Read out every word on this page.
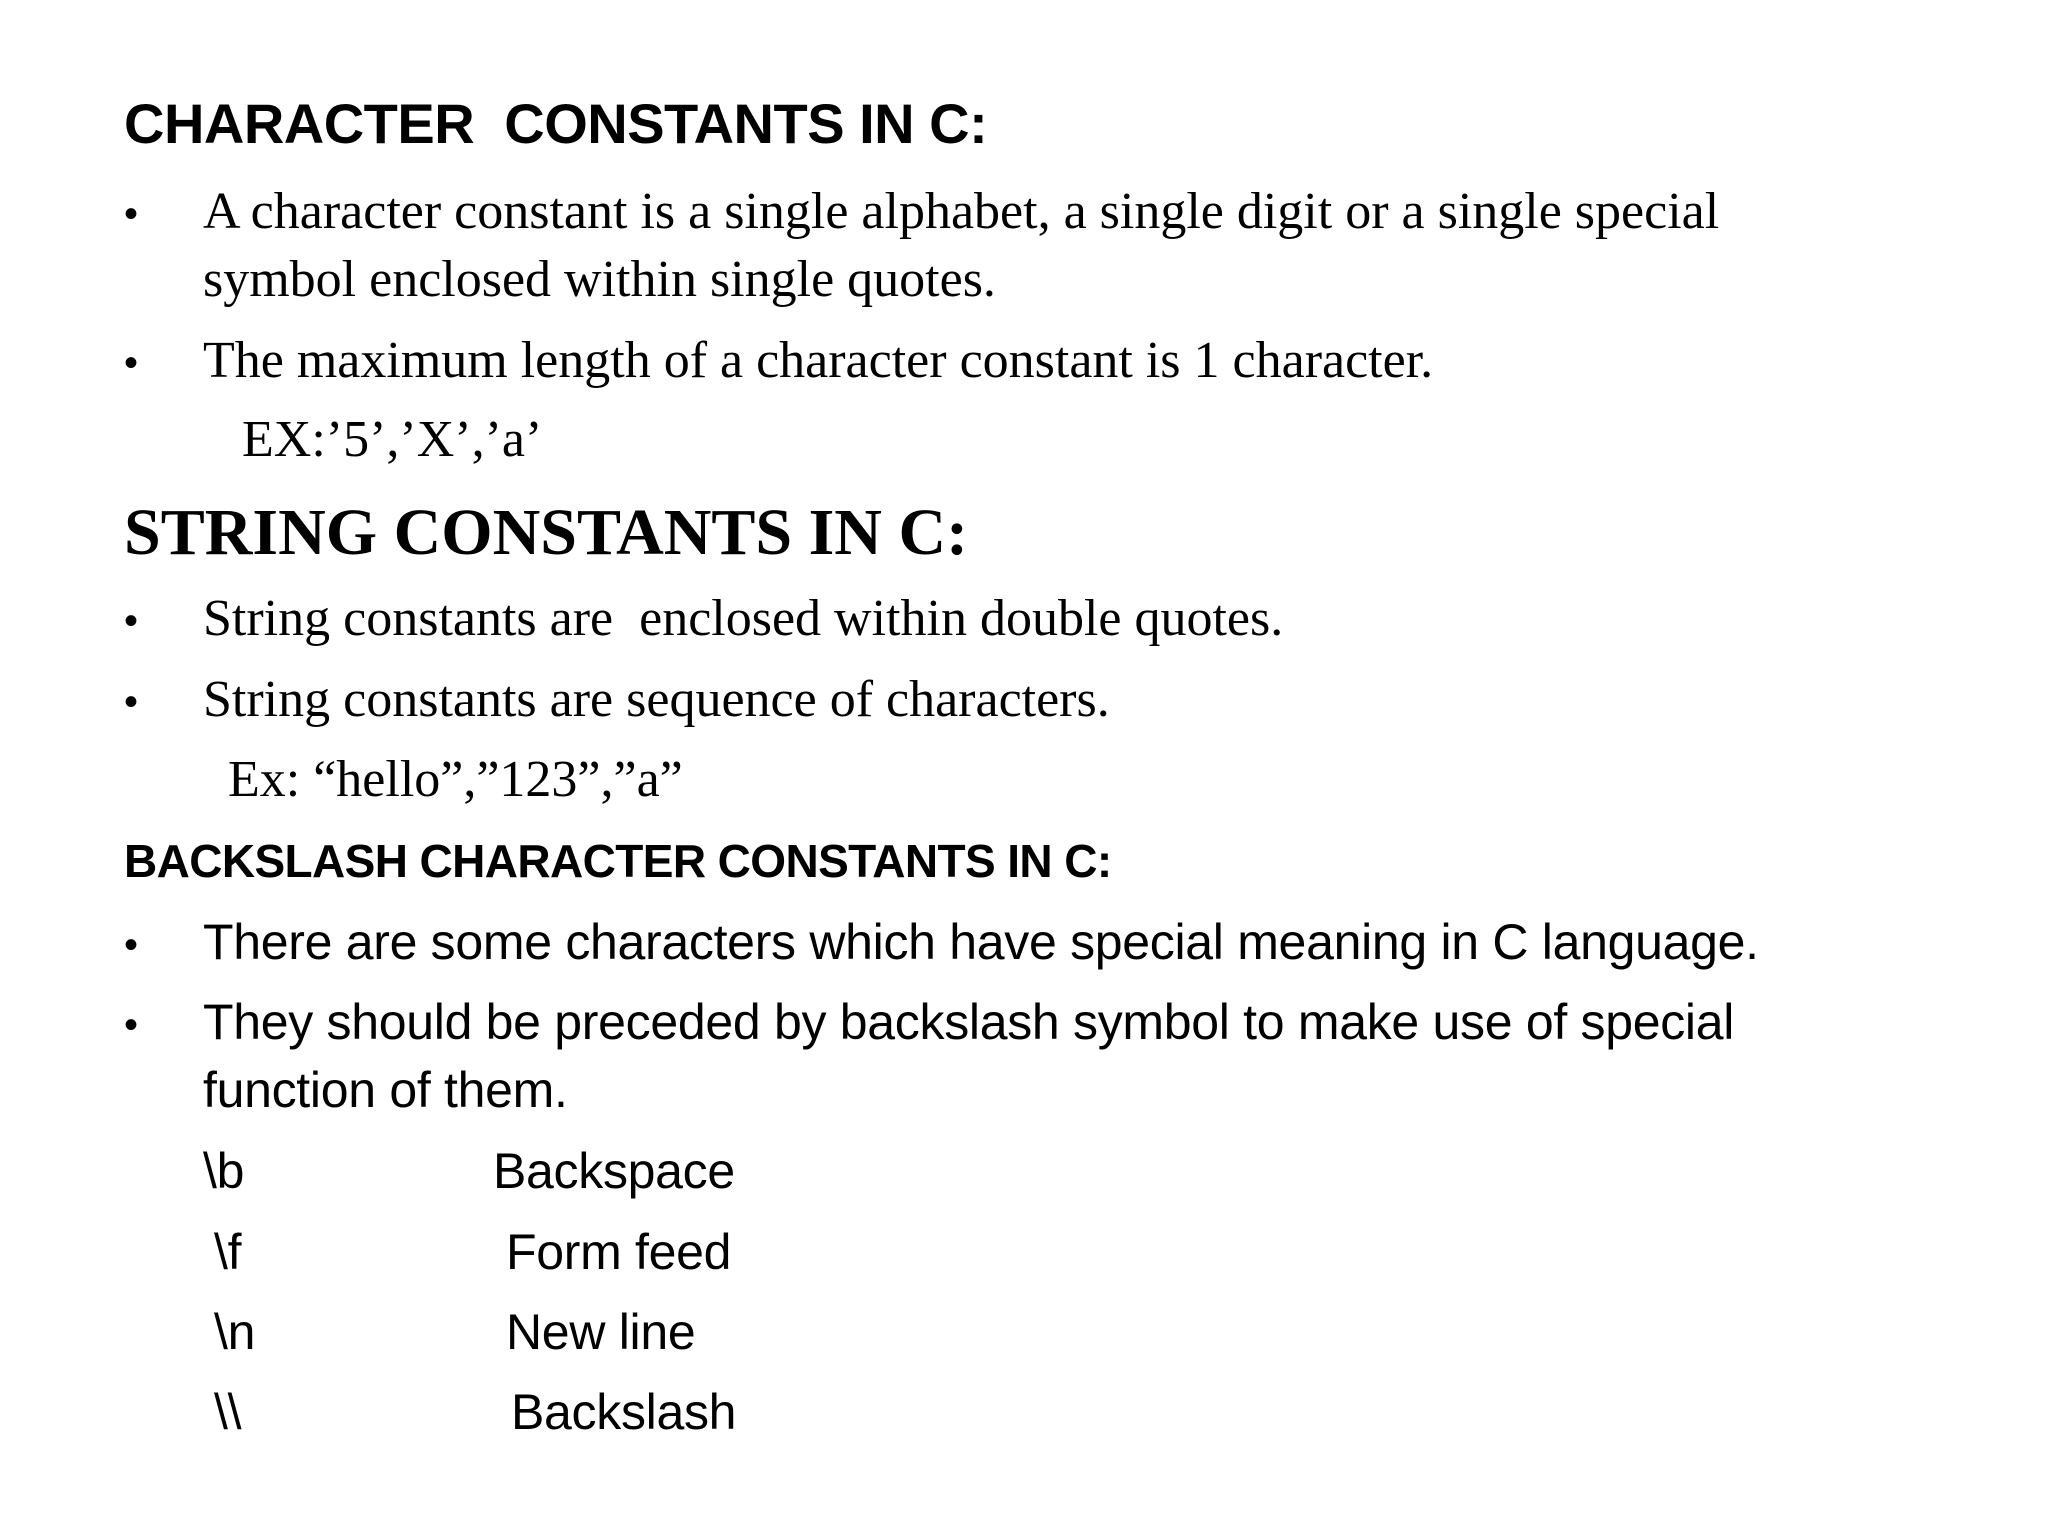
CHARACTER  CONSTANTS IN C:
• A character constant is a single alphabet, a single digit or a single special
symbol enclosed within single quotes.
• The maximum length of a character constant is 1 character.
EX:’5’,’X’,’a’
STRING CONSTANTS IN C:
• String constants are  enclosed within double quotes.
• String constants are sequence of characters.
Ex: “hello”,”123”,”a”
BACKSLASH CHARACTER CONSTANTS IN C:
• There are some characters which have special meaning in C language.
• They should be preceded by backslash symbol to make use of special
function of them.
\b	Backspace
\f	Form feed
\n	New line
\\	Backslash
